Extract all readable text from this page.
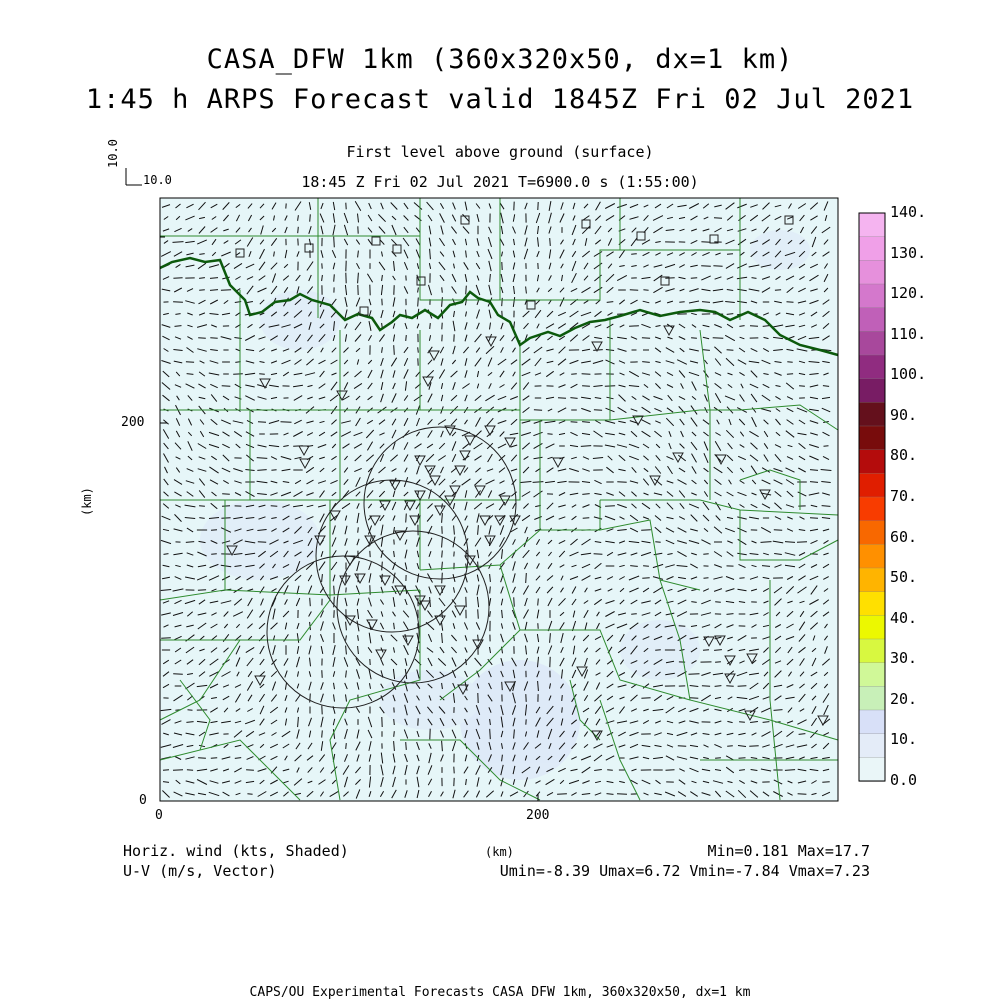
CASA_DFW 1km (360x320x50, dx=1 km)
1:45 h ARPS Forecast valid 1845Z Fri 02 Jul 2021
First level above ground (surface)
18:45 Z Fri 02 Jul 2021 T=6900.0 s (1:55:00)
10.0
10.0
200
0
0	200
(km)
(km)
140.
130.
120.
110.
100.
90.
80.
70.
60.
50.
40.
30.
20.
10.
0.0
Horiz. wind (kts, Shaded)
U-V (m/s, Vector)
Min=0.181 Max=17.7
Umin=-8.39 Umax=6.72 Vmin=-7.84 Vmax=7.23
CAPS/OU Experimental Forecasts CASA DFW 1km, 360x320x50, dx=1 km
